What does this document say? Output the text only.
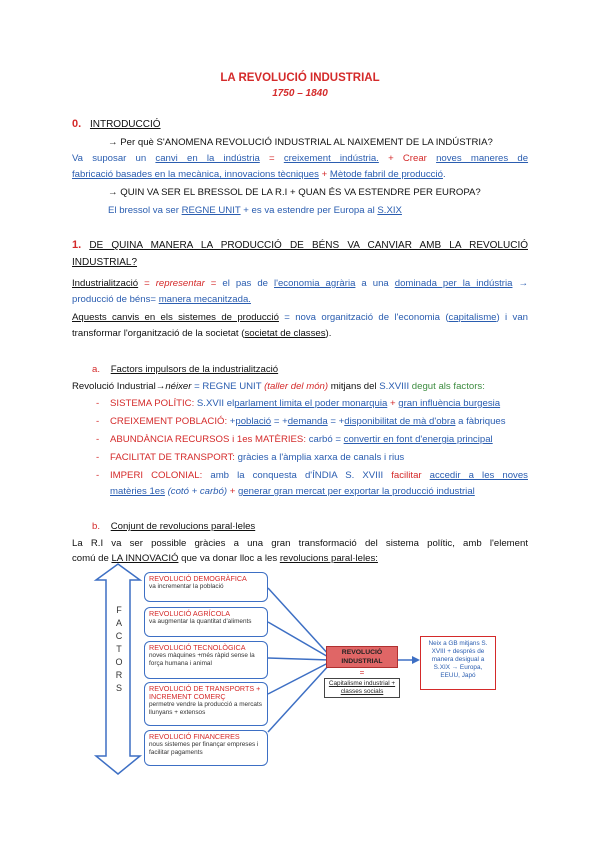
LA REVOLUCIÓ INDUSTRIAL
1750 – 1840
0. INTRODUCCIÓ
→ Per què S'ANOMENA REVOLUCIÓ INDUSTRIAL AL NAIXEMENT DE LA INDÚSTRIA?
Va suposar un canvi en la indústria = creixement indústria. + Crear noves maneres de
fabricació basades en la mecànica, innovacions tècniques + Mètode fabril de producció.
→ QUIN VA SER EL BRESSOL DE LA R.I + QUAN ÉS VA ESTENDRE PER EUROPA?
El bressol va ser REGNE UNIT + es va estendre per Europa al S.XIX
1. DE QUINA MANERA LA PRODUCCIÓ DE BÉNS VA CANVIAR AMB LA REVOLUCIÓ
INDUSTRIAL?
Industrialització = representar = el pas de l'economia agrària a una dominada per la indústria →
producció de béns= manera mecanitzada.
Aquests canvis en els sistemes de producció = nova organització de l'economia (capitalisme) i van
transformar l'organització de la societat (societat de classes).
a. Factors impulsors de la industrialització
Revolució Industrial→néixer = REGNE UNIT (taller del món) mitjans del S.XVIII degut als factors:
- SISTEMA POLÍTIC: S.XVII elparlament limita el poder monarquia + gran influència burgesia
- CREIXEMENT POBLACIÓ: +població = +demanda = +disponibilitat de mà d'obra a fàbriques
- ABUNDÀNCIA RECURSOS i 1es MATÈRIES: carbó = convertir en font d'energia principal
- FACILITAT DE TRANSPORT: gràcies a l'àmplia xarxa de canals i rius
- IMPERI COLONIAL: amb la conquesta d'ÍNDIA S. XVIII facilitar accedir a les noves
matèries 1es (cotó + carbó) + generar gran mercat per exportar la producció industrial
b. Conjunt de revolucions paral·leles
La R.I va ser possible gràcies a una gran transformació del sistema polític, amb l'element
comú de LA INNOVACIÓ que va donar lloc a les revolucions paral·leles:
F
A
C
T
O
R
S
REVOLUCIÓ DEMOGRÀFICA
va incrementar la població
REVOLUCIÓ AGRÍCOLA
va augmentar la quantitat d'aliments
REVOLUCIÓ TECNOLÒGICA
noves màquines +més ràpid sense la força humana i animal
REVOLUCIÓ DE TRANSPORTS + INCREMENT COMERÇ
permetre vendre la producció a mercats llunyans + extensos
REVOLUCIÓ FINANCERES
nous sistemes per finançar empreses i facilitar pagaments
REVOLUCIÓ INDUSTRIAL
=
Capitalisme industrial + classes socials
Neix a GB mitjans S. XVIII + després de manera desigual a S.XIX → Europa, EEUU, Japó
